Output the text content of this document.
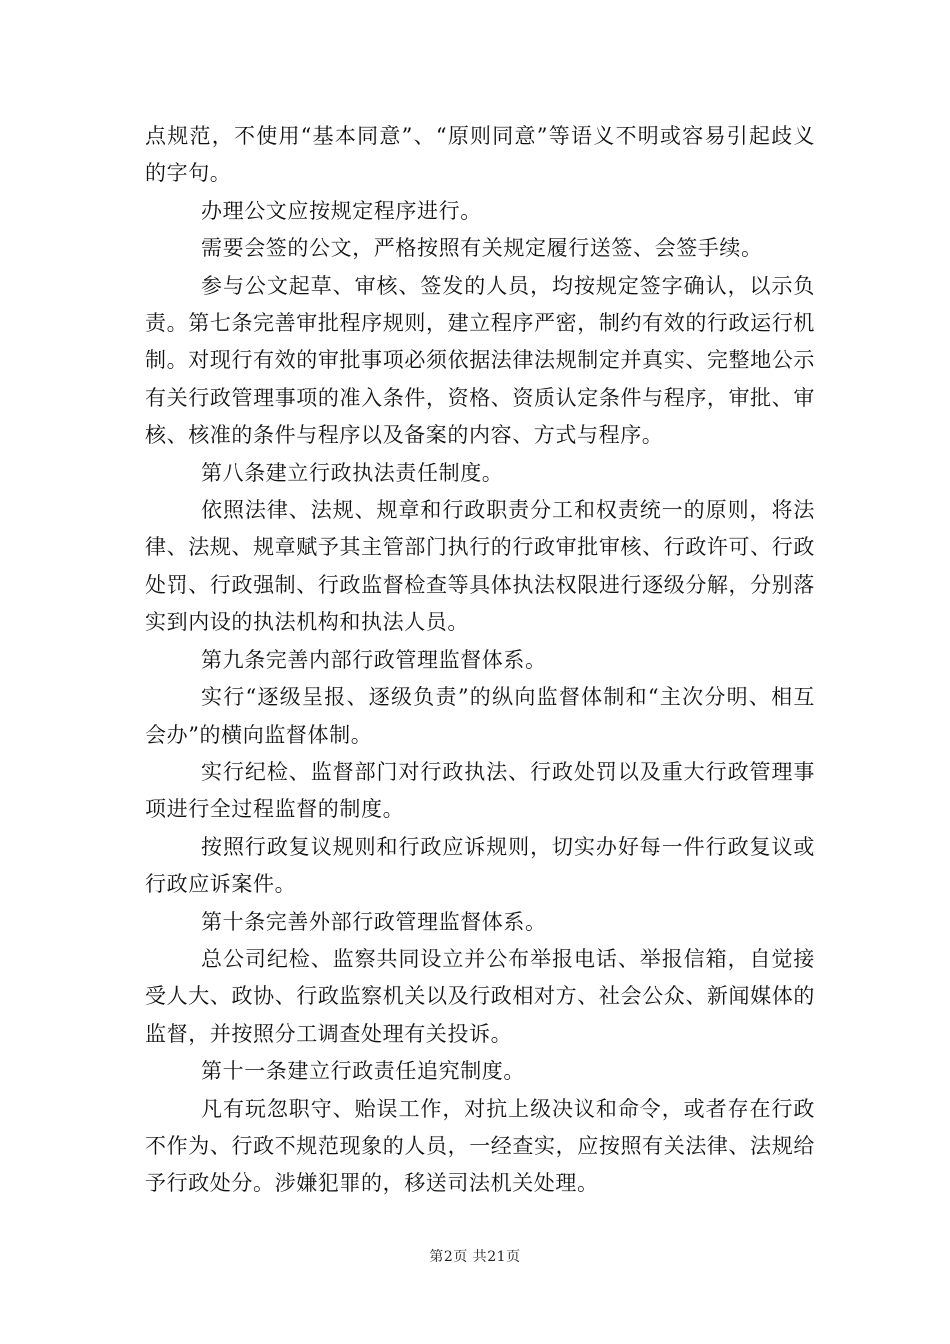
点规范，不使用“基本同意”、“原则同意”等语义不明或容易引起歧义的字句。

办理公文应按规定程序进行。

需要会签的公文，严格按照有关规定履行送签、会签手续。

参与公文起草、审核、签发的人员，均按规定签字确认，以示负责。第七条完善审批程序规则，建立程序严密，制约有效的行政运行机制。对现行有效的审批事项必须依据法律法规制定并真实、完整地公示有关行政管理事项的准入条件，资格、资质认定条件与程序，审批、审核、核准的条件与程序以及备案的内容、方式与程序。

第八条建立行政执法责任制度。

依照法律、法规、规章和行政职责分工和权责统一的原则，将法律、法规、规章赋予其主管部门执行的行政审批审核、行政许可、行政处罚、行政强制、行政监督检查等具体执法权限进行逐级分解，分别落实到内设的执法机构和执法人员。

第九条完善内部行政管理监督体系。

实行“逐级呈报、逐级负责”的纵向监督体制和“主次分明、相互会办”的横向监督体制。

实行纪检、监督部门对行政执法、行政处罚以及重大行政管理事项进行全过程监督的制度。

按照行政复议规则和行政应诉规则，切实办好每一件行政复议或行政应诉案件。

第十条完善外部行政管理监督体系。

总公司纪检、监察共同设立并公布举报电话、举报信箱，自觉接受人大、政协、行政监察机关以及行政相对方、社会公众、新闻媒体的监督，并按照分工调查处理有关投诉。

第十一条建立行政责任追究制度。

凡有玩忽职守、贻误工作，对抗上级决议和命令，或者存在行政不作为、行政不规范现象的人员，一经查实，应按照有关法律、法规给予行政处分。涉嫌犯罪的，移送司法机关处理。

第2页 共21页
